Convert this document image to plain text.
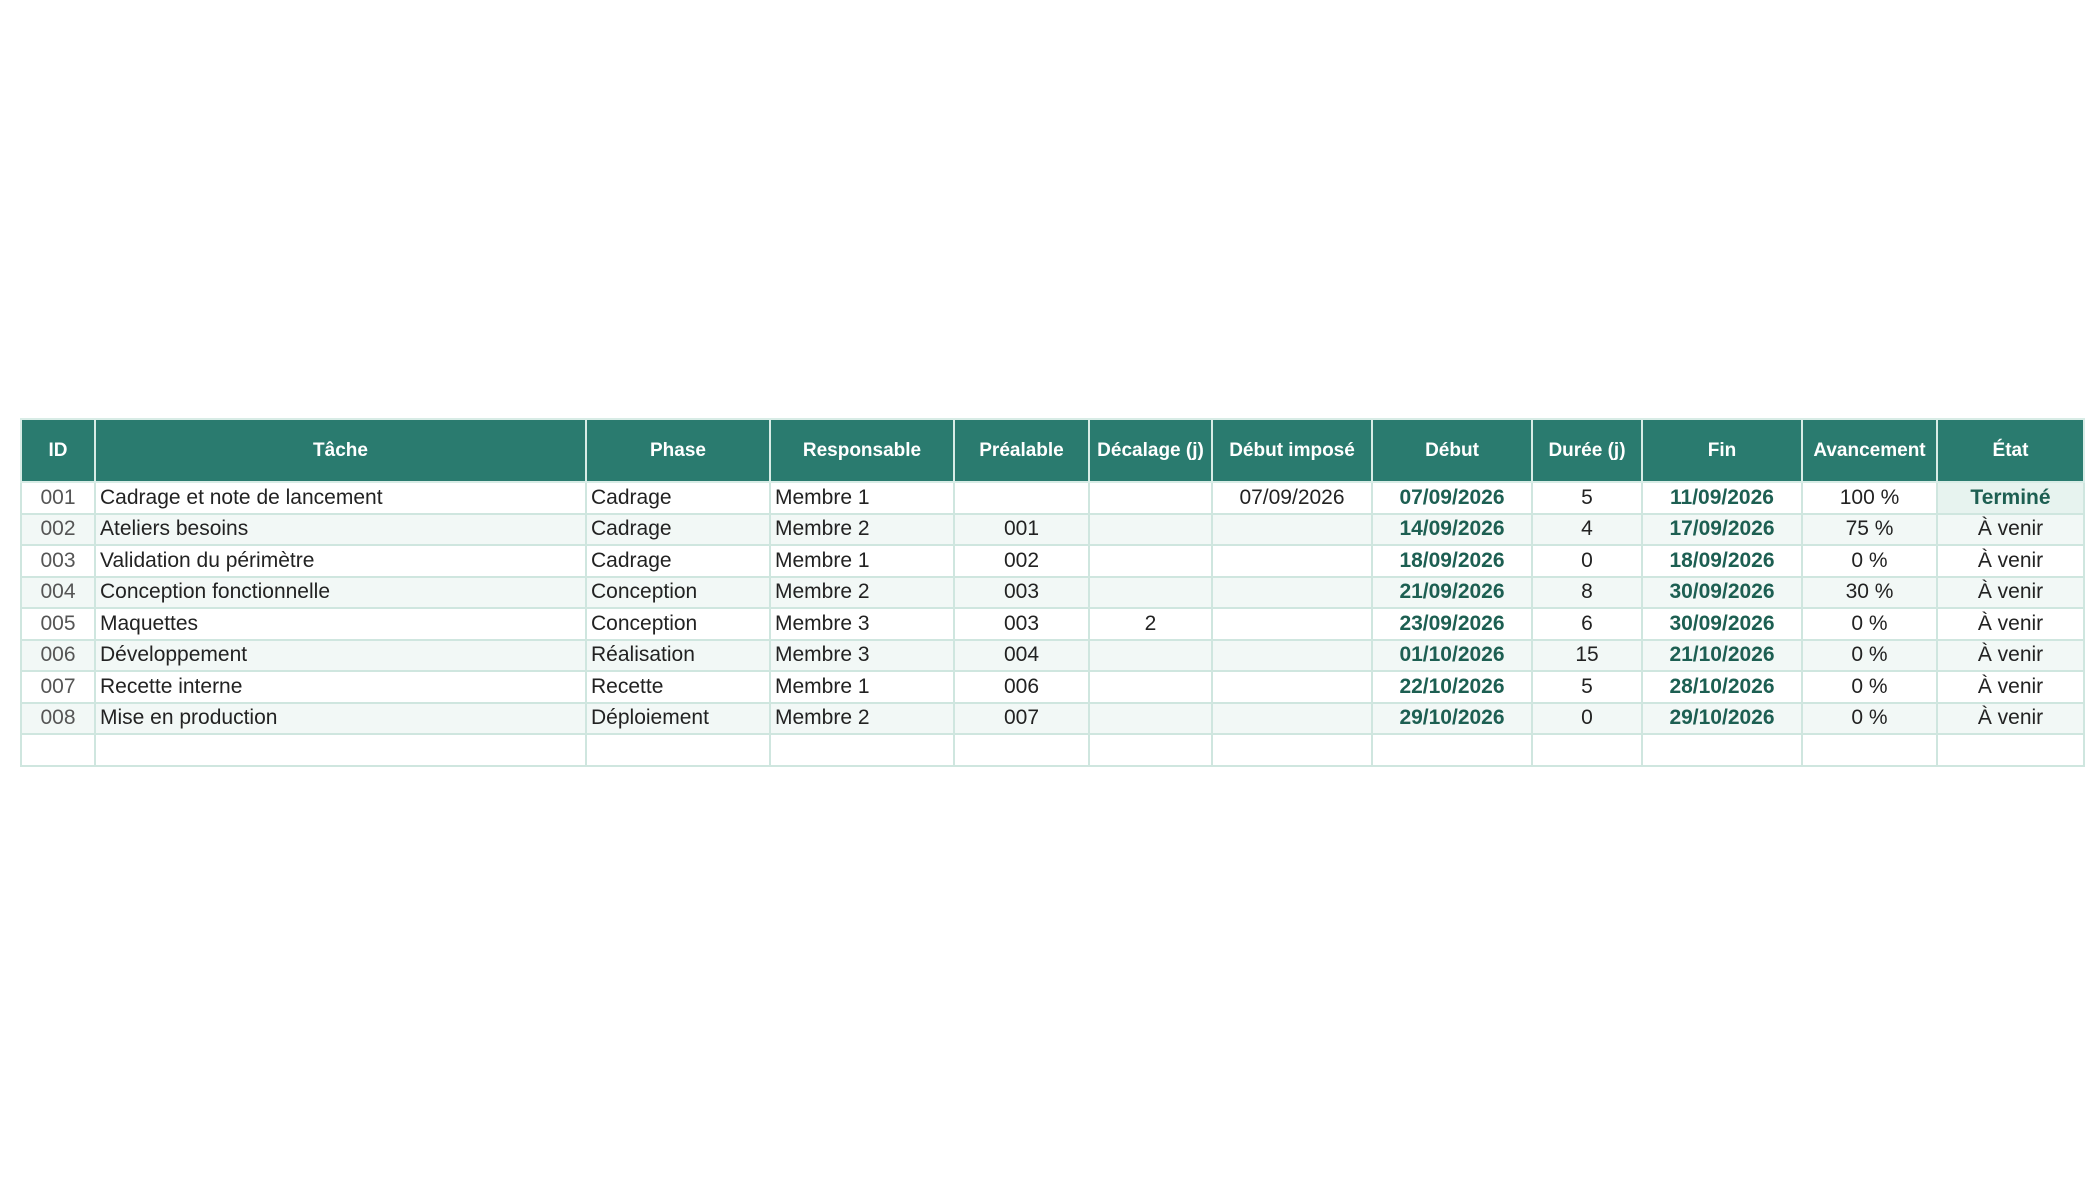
ID	Tâche	Phase	Responsable	Préalable	Décalage (j)	Début imposé	Début	Durée (j)	Fin	Avancement	État
001	Cadrage et note de lancement	Cadrage	Membre 1			07/09/2026	07/09/2026	5	11/09/2026	100 %	Terminé
002	Ateliers besoins	Cadrage	Membre 2	001			14/09/2026	4	17/09/2026	75 %	À venir
003	Validation du périmètre	Cadrage	Membre 1	002			18/09/2026	0	18/09/2026	0 %	À venir
004	Conception fonctionnelle	Conception	Membre 2	003			21/09/2026	8	30/09/2026	30 %	À venir
005	Maquettes	Conception	Membre 3	003	2		23/09/2026	6	30/09/2026	0 %	À venir
006	Développement	Réalisation	Membre 3	004			01/10/2026	15	21/10/2026	0 %	À venir
007	Recette interne	Recette	Membre 1	006			22/10/2026	5	28/10/2026	0 %	À venir
008	Mise en production	Déploiement	Membre 2	007			29/10/2026	0	29/10/2026	0 %	À venir
